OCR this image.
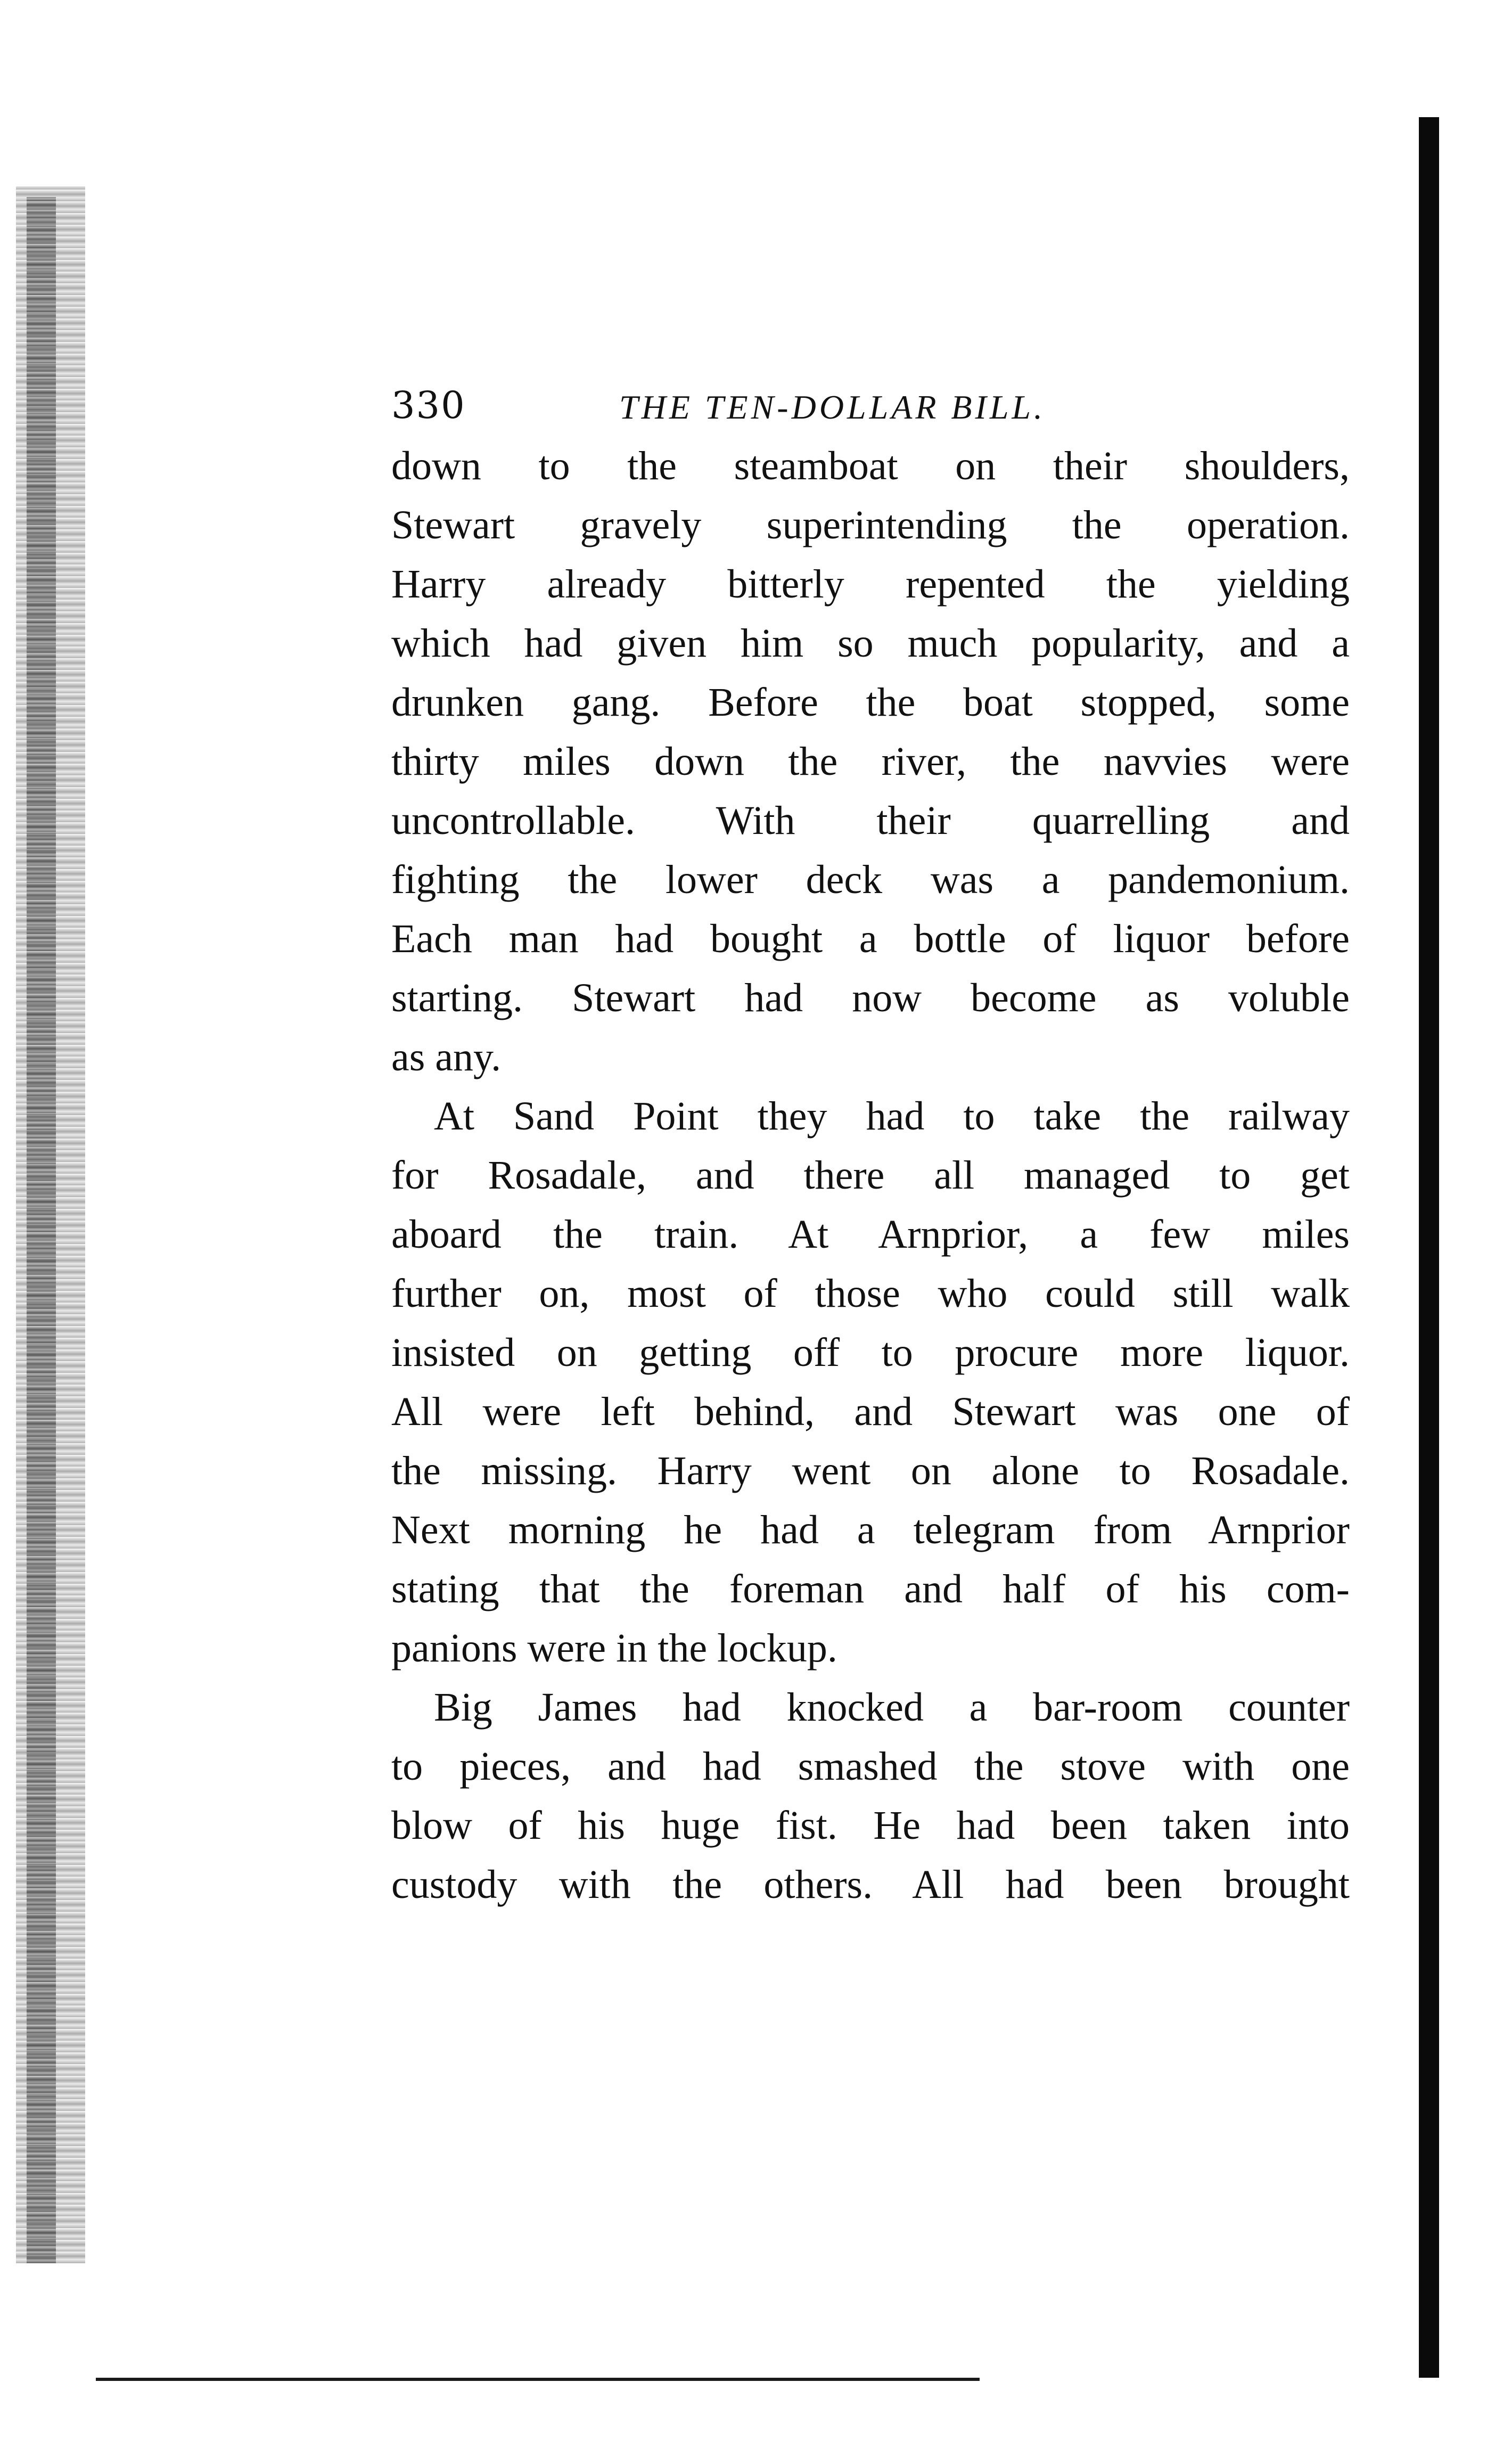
330	THE TEN-DOLLAR BILL.
down to the steamboat on their shoulders,
Stewart gravely superintending the operation.
Harry already bitterly repented the yielding
which had given him so much popularity, and a
drunken gang. Before the boat stopped, some
thirty miles down the river, the navvies were
uncontrollable. With their quarrelling and
fighting the lower deck was a pandemonium.
Each man had bought a bottle of liquor before
starting. Stewart had now become as voluble
as any.
At Sand Point they had to take the railway
for Rosadale, and there all managed to get
aboard the train. At Arnprior, a few miles
further on, most of those who could still walk
insisted on getting off to procure more liquor.
All were left behind, and Stewart was one of
the missing. Harry went on alone to Rosadale.
Next morning he had a telegram from Arnprior
stating that the foreman and half of his com-
panions were in the lockup.
Big James had knocked a bar-room counter
to pieces, and had smashed the stove with one
blow of his huge fist. He had been taken into
custody with the others. All had been brought
